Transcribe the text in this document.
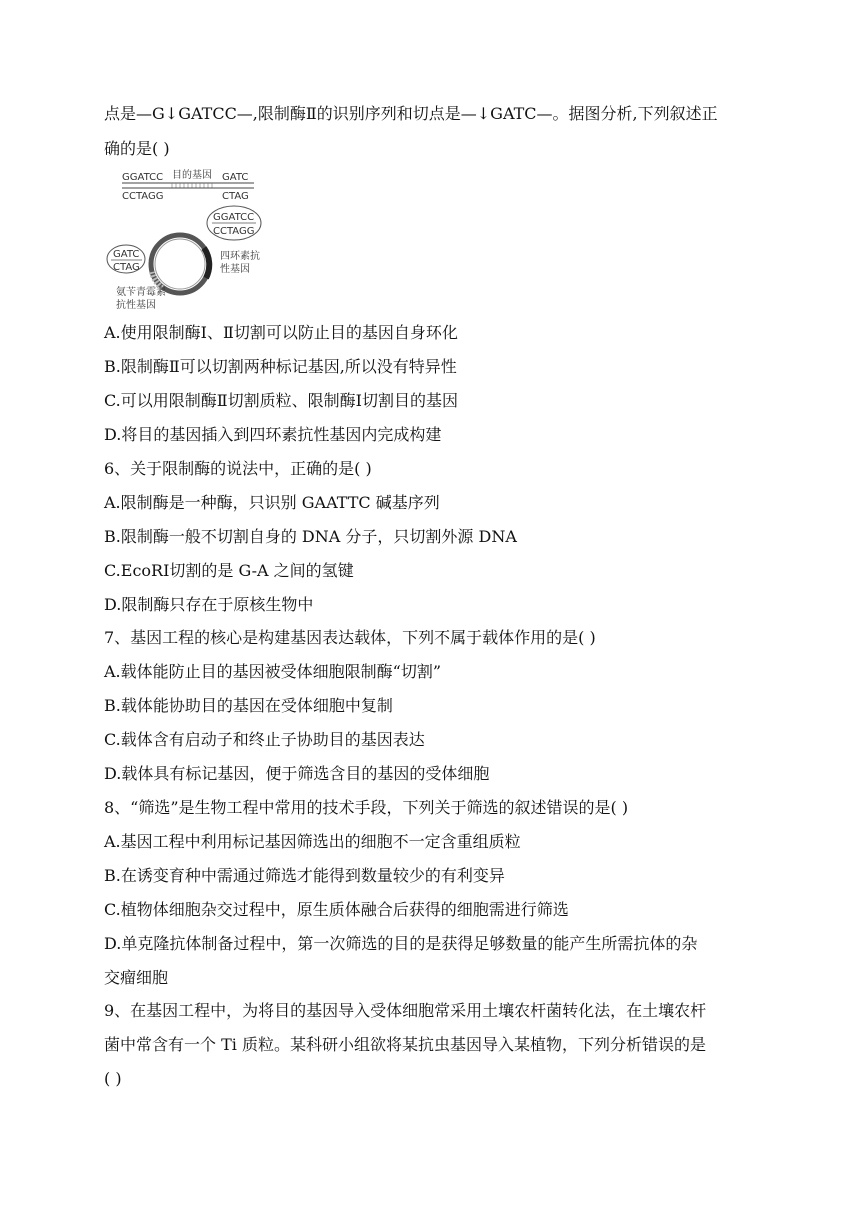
点是—G↓GATCC—,限制酶Ⅱ的识别序列和切点是—↓GATC—。据图分析,下列叙述正
确的是( )
GGATCC 目的基因 GATC
CCTAGG	CTAG
GGATCC
CCTAGG
GATC
CTAG
四环素抗
性基因
氨苄青霉素
抗性基因
A.使用限制酶Ⅰ、Ⅱ切割可以防止目的基因自身环化
B.限制酶Ⅱ可以切割两种标记基因,所以没有特异性
C.可以用限制酶Ⅱ切割质粒、限制酶Ⅰ切割目的基因
D.将目的基因插入到四环素抗性基因内完成构建
6、关于限制酶的说法中，正确的是( )
A.限制酶是一种酶，只识别 GAATTC 碱基序列
B.限制酶一般不切割自身的 DNA 分子，只切割外源 DNA
C.EcoRⅠ切割的是 G-A 之间的氢键
D.限制酶只存在于原核生物中
7、基因工程的核心是构建基因表达载体，下列不属于载体作用的是( )
A.载体能防止目的基因被受体细胞限制酶“切割”
B.载体能协助目的基因在受体细胞中复制
C.载体含有启动子和终止子协助目的基因表达
D.载体具有标记基因，便于筛选含目的基因的受体细胞
8、“筛选”是生物工程中常用的技术手段，下列关于筛选的叙述错误的是( )
A.基因工程中利用标记基因筛选出的细胞不一定含重组质粒
B.在诱变育种中需通过筛选才能得到数量较少的有利变异
C.植物体细胞杂交过程中，原生质体融合后获得的细胞需进行筛选
D.单克隆抗体制备过程中，第一次筛选的目的是获得足够数量的能产生所需抗体的杂
交瘤细胞
9、在基因工程中，为将目的基因导入受体细胞常采用土壤农杆菌转化法，在土壤农杆
菌中常含有一个 Ti 质粒。某科研小组欲将某抗虫基因导入某植物，下列分析错误的是
( )
